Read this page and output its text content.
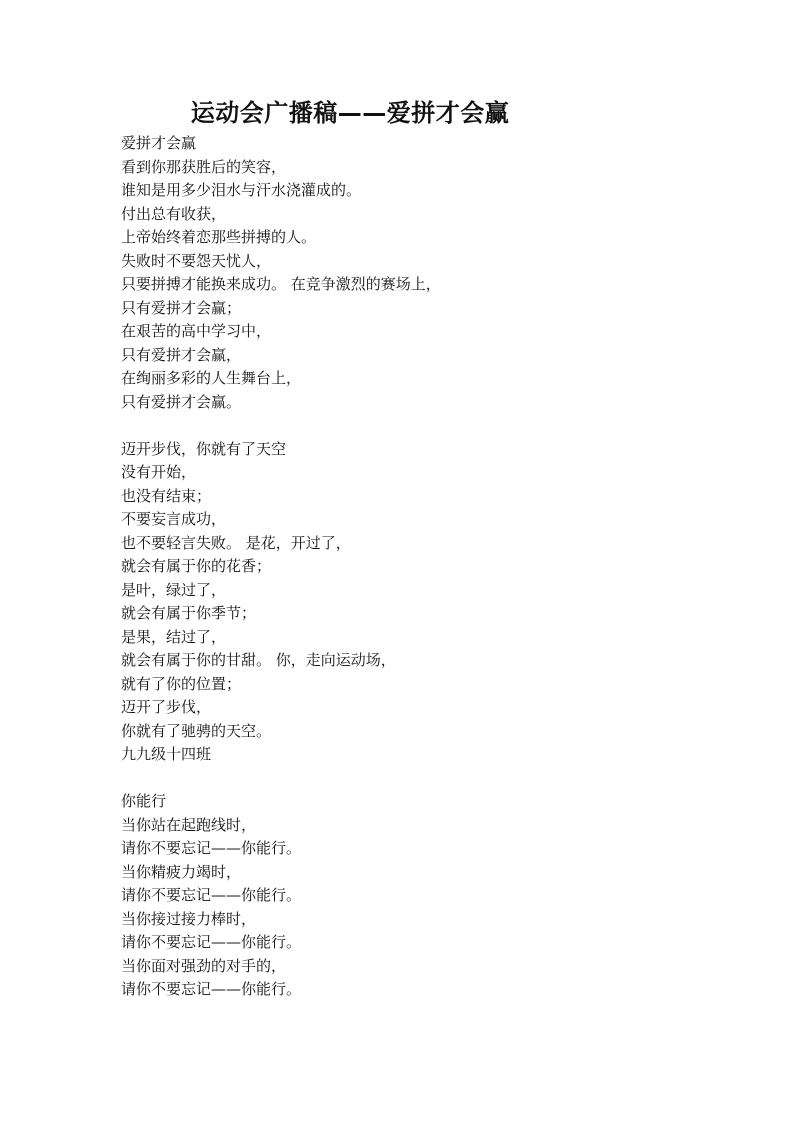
运动会广播稿——爱拼才会赢

爱拼才会赢

看到你那获胜后的笑容，

谁知是用多少泪水与汗水浇灌成的。

付出总有收获，

上帝始终着恋那些拼搏的人。

失败时不要怨天忧人，

只要拼搏才能换来成功。 在竞争激烈的赛场上，

只有爱拼才会赢；

在艰苦的高中学习中，

只有爱拼才会赢，

在绚丽多彩的人生舞台上，

只有爱拼才会赢。

迈开步伐，你就有了天空

没有开始，

也没有结束；

不要妄言成功，

也不要轻言失败。 是花，开过了，

就会有属于你的花香；

是叶，绿过了，

就会有属于你季节；

是果，结过了，

就会有属于你的甘甜。 你，走向运动场，

就有了你的位置；

迈开了步伐，

你就有了驰骋的天空。

九九级十四班

你能行

当你站在起跑线时，

请你不要忘记——你能行。

当你精疲力竭时，

请你不要忘记——你能行。

当你接过接力棒时，

请你不要忘记——你能行。

当你面对强劲的对手的，

请你不要忘记——你能行。
